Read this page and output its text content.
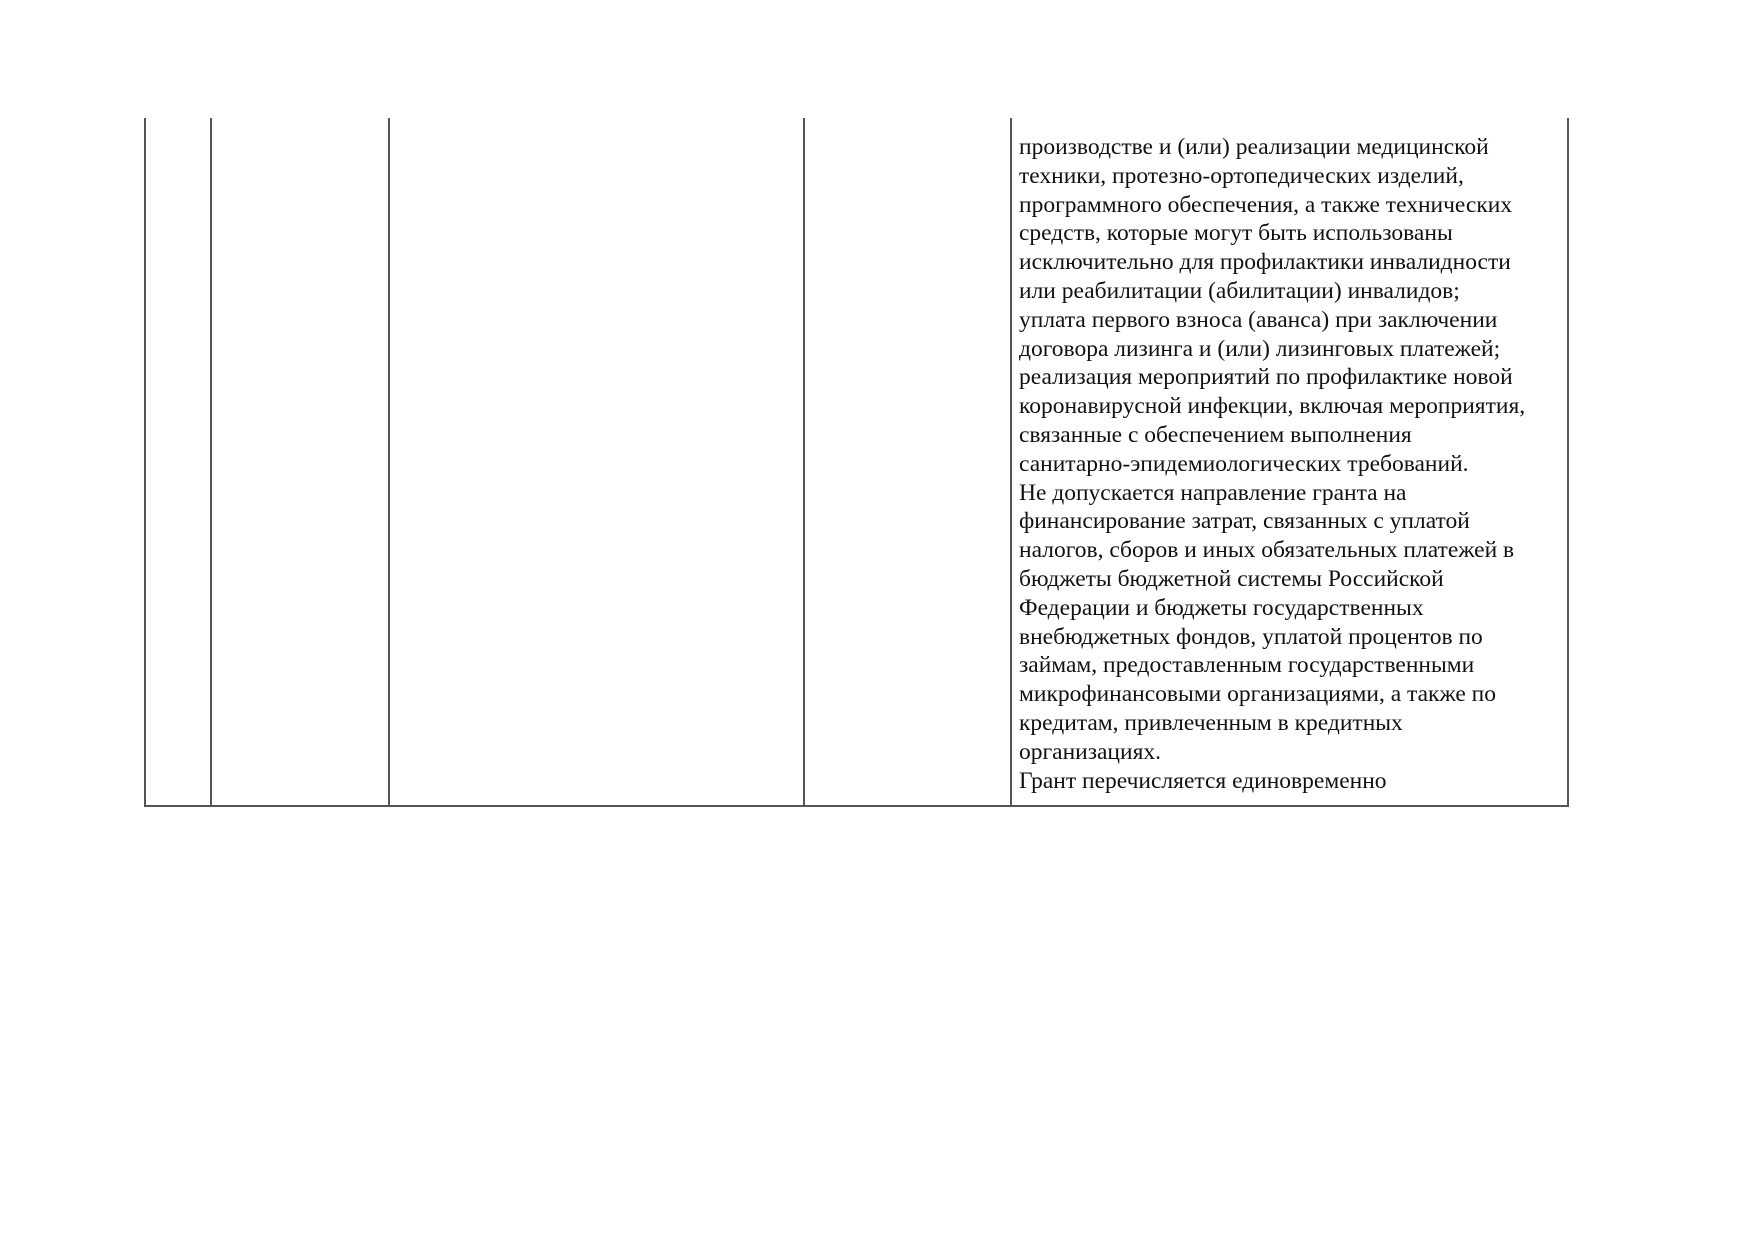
производстве и (или) реализации медицинской
техники, протезно-ортопедических изделий,
программного обеспечения, а также технических
средств, которые могут быть использованы
исключительно для профилактики инвалидности
или реабилитации (абилитации) инвалидов;
уплата первого взноса (аванса) при заключении
договора лизинга и (или) лизинговых платежей;
реализация мероприятий по профилактике новой
коронавирусной инфекции, включая мероприятия,
связанные с обеспечением выполнения
санитарно-эпидемиологических требований.
Не допускается направление гранта на
финансирование затрат, связанных с уплатой
налогов, сборов и иных обязательных платежей в
бюджеты бюджетной системы Российской
Федерации и бюджеты государственных
внебюджетных фондов, уплатой процентов по
займам, предоставленным государственными
микрофинансовыми организациями, а также по
кредитам, привлеченным в кредитных
организациях.
Грант перечисляется единовременно
